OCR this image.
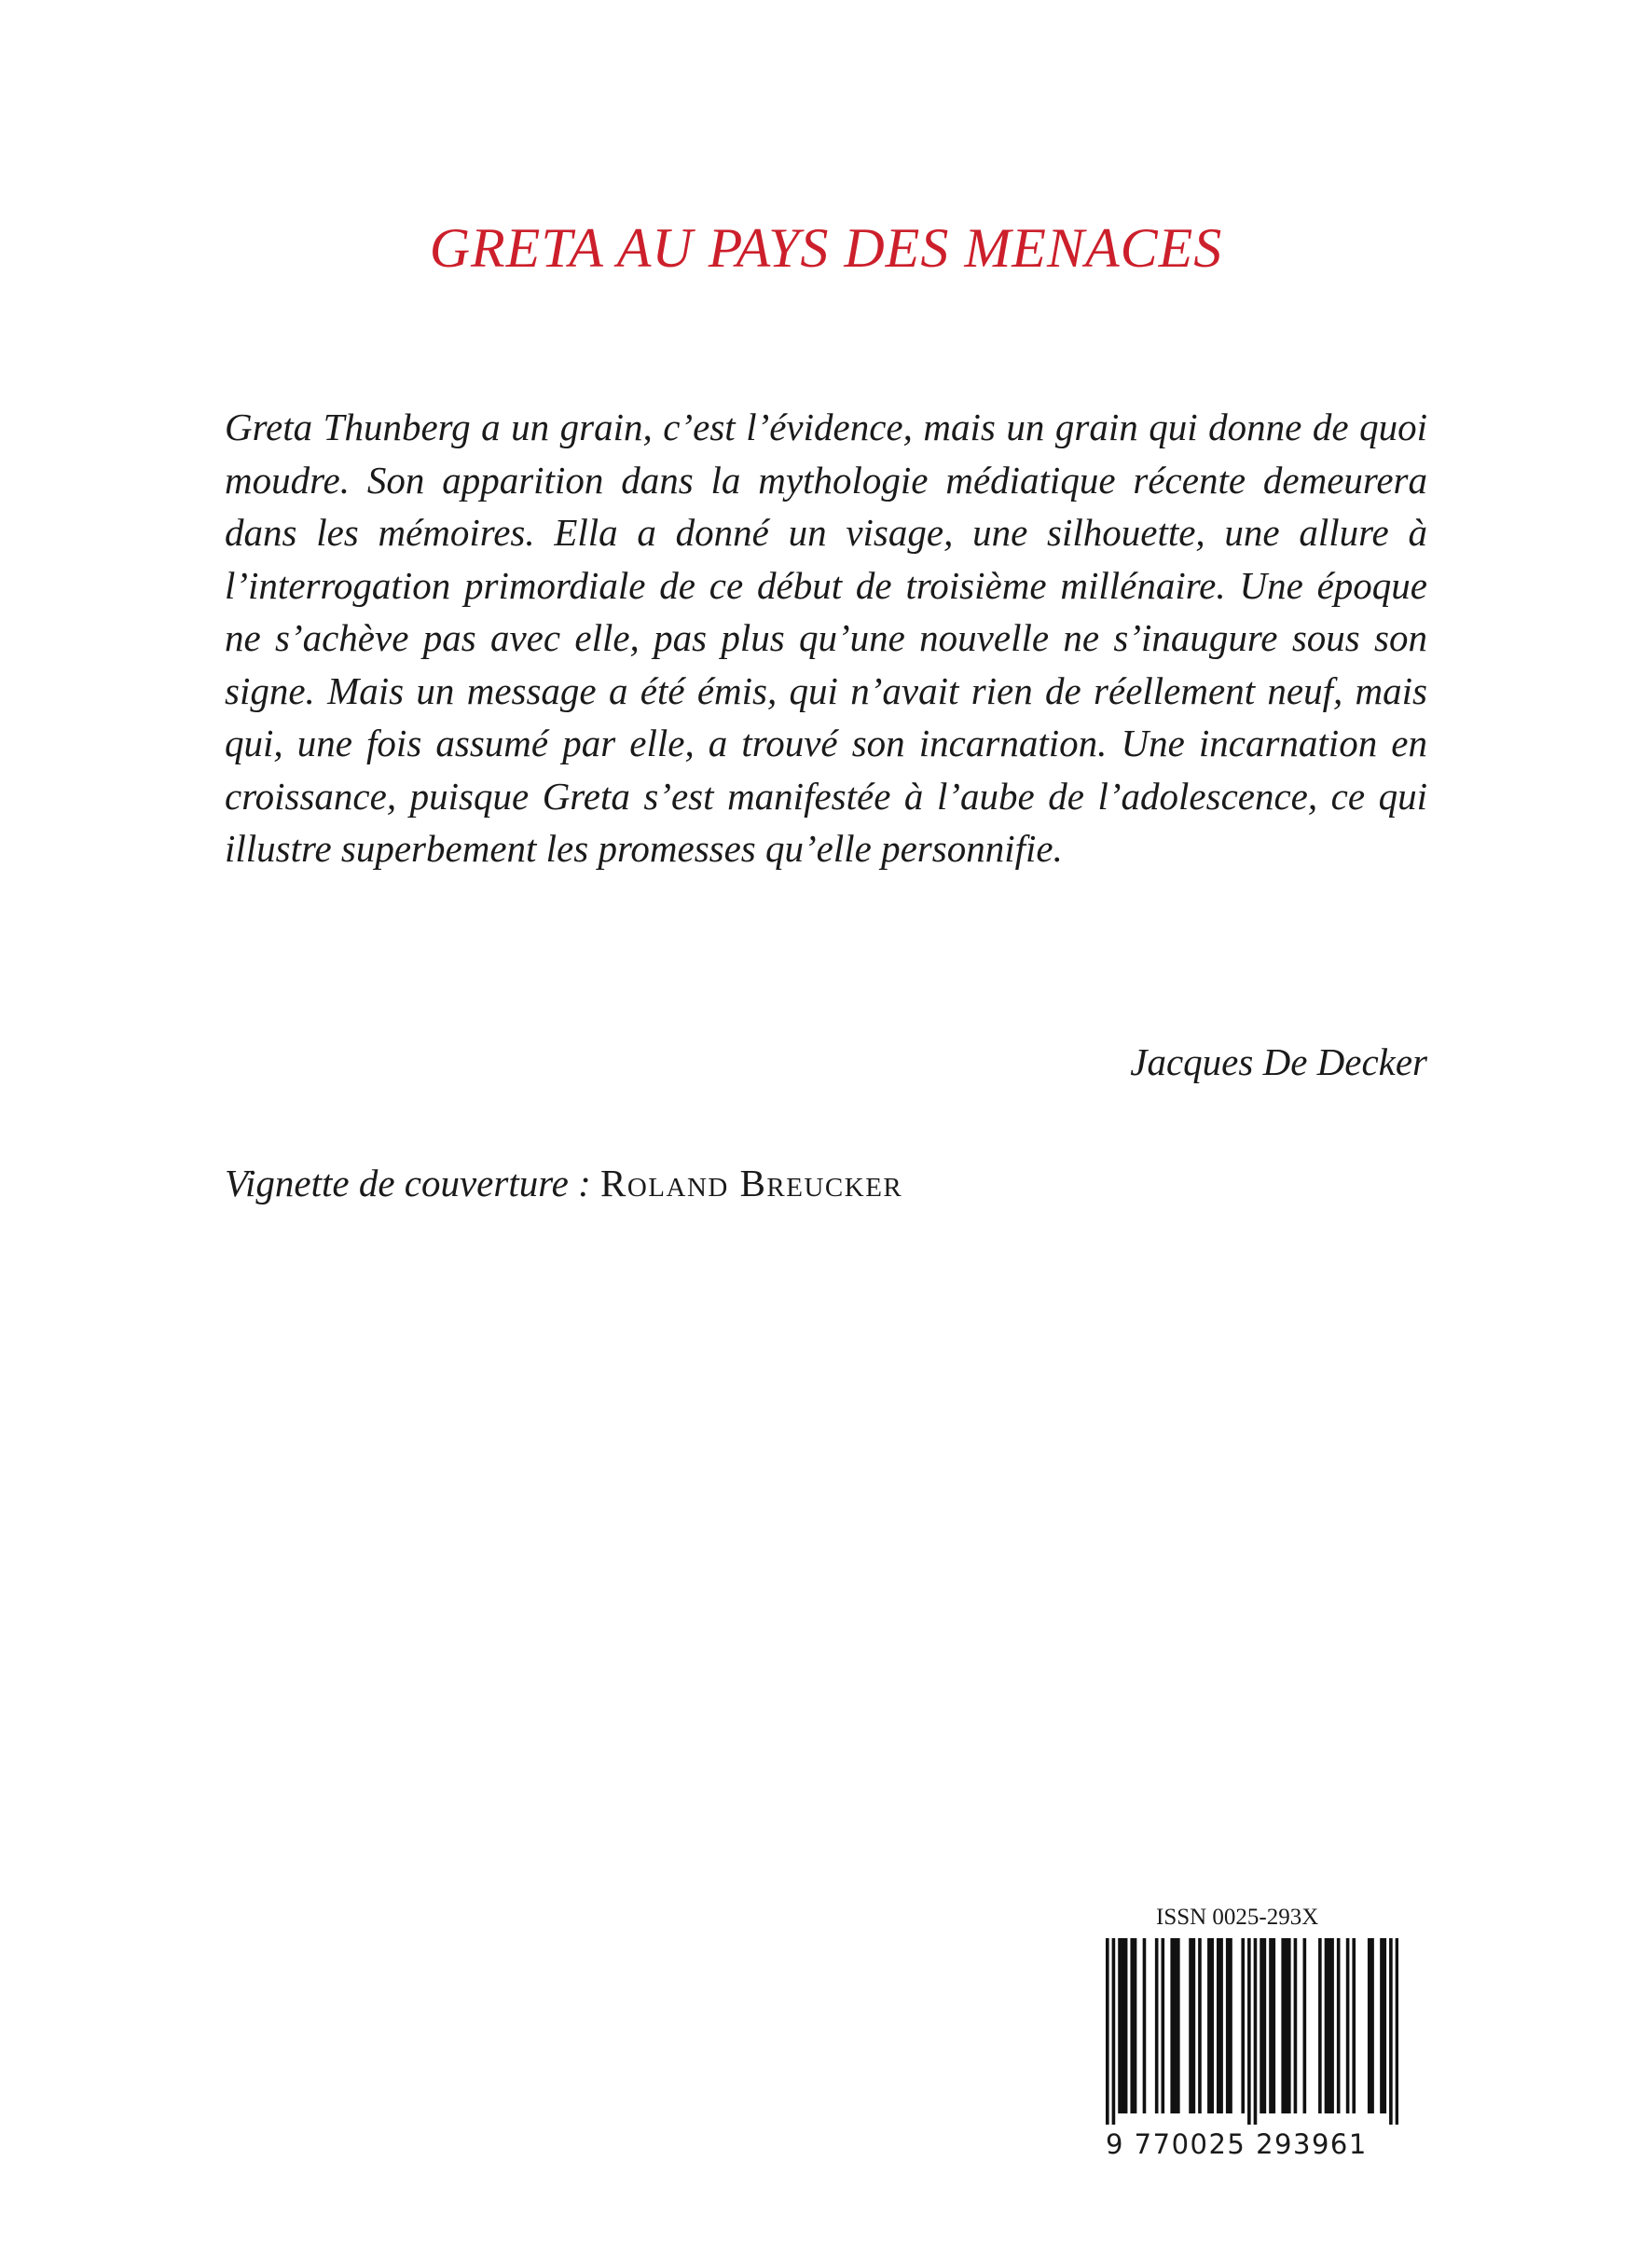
GRETA AU PAYS DES MENACES

Greta Thunberg a un grain, c’est l’évidence, mais un grain qui donne de quoi moudre. Son apparition dans la mythologie médiatique récente demeurera dans les mémoires. Ella a donné un visage, une silhouette, une allure à l’interrogation primordiale de ce début de troisième millénaire. Une époque ne s’achève pas avec elle, pas plus qu’une nouvelle ne s’inaugure sous son signe. Mais un message a été émis, qui n’avait rien de réellement neuf, mais qui, une fois assumé par elle, a trouvé son incarnation. Une incarnation en croissance, puisque Greta s’est manifestée à l’aube de l’adolescence, ce qui illustre superbement les promesses qu’elle personnifie.

Jacques De Decker

Vignette de couverture : Roland Breucker

ISSN 0025-293X

9 770025 293961
